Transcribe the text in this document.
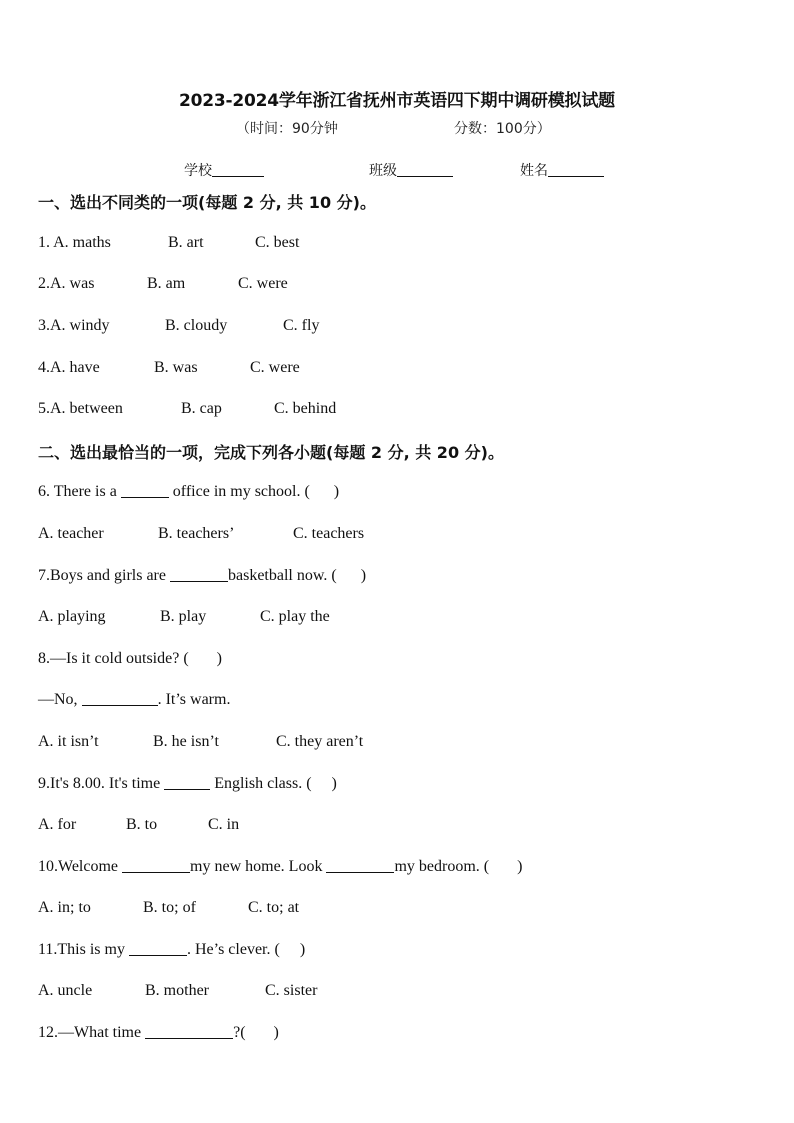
2023-2024学年浙江省抚州市英语四下期中调研模拟试题
（时间：90分钟	分数：100分）
学校	班级	姓名
一、选出不同类的一项(每题 2 分, 共 10 分)。
1. A. maths	B. art	C. best
2.A. was	B. am	C. were
3.A. windy	B. cloudy	C. fly
4.A. have	B. was	C. were
5.A. between	B. cap	C. behind
二、选出最恰当的一项，完成下列各小题(每题 2 分, 共 20 分)。
6. There is a	office in my school. (      )
A. teacher	B. teachers’	C. teachers
7.Boys and girls are	basketball now. (      )
A. playing	B. play	C. play the
8.—Is it cold outside? (       )
—No,	. It’s warm.
A. it isn’t	B. he isn’t	C. they aren’t
9.It's 8.00. It's time	English class. (     )
A. for	B. to	C. in
10.Welcome	my new home. Look	my bedroom. (       )
A. in; to	B. to; of	C. to; at
11.This is my	. He’s clever. (     )
A. uncle	B. mother	C. sister
12.—What time	?(       )
